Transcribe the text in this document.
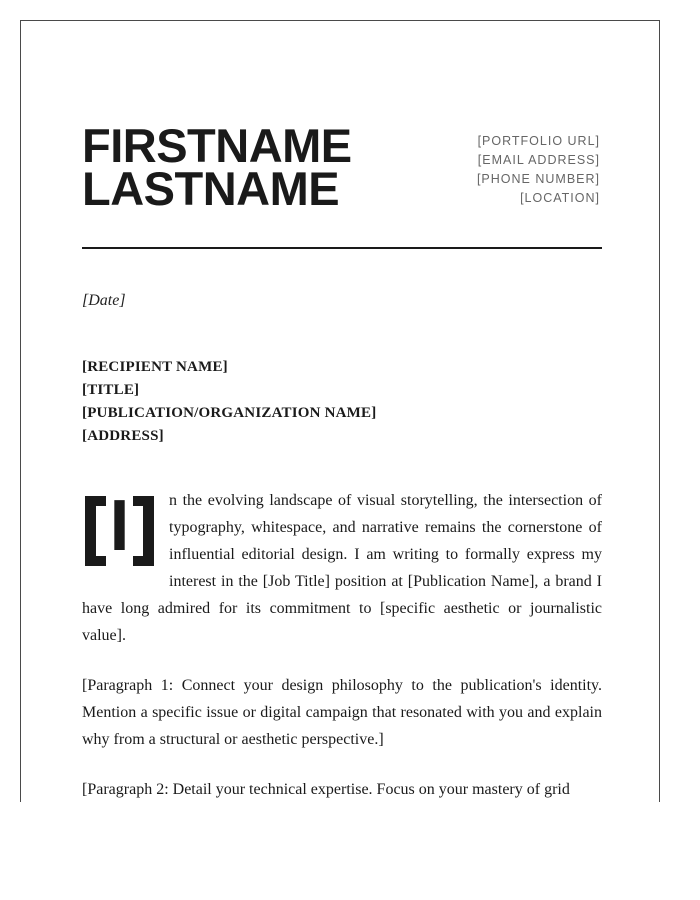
FIRSTNAME
LASTNAME
[PORTFOLIO URL]
[EMAIL ADDRESS]
[PHONE NUMBER]
[LOCATION]
[Date]
[RECIPIENT NAME]
[TITLE]
[PUBLICATION/ORGANIZATION NAME]
[ADDRESS]

I n the evolving landscape of visual storytelling, the intersection of typography, whitespace, and narrative remains the cornerstone of influential editorial design. I am writing to formally express my interest in the [Job Title] position at [Publication Name], a brand I have long admired for its commitment to [specific aesthetic or journalistic value].

[Paragraph 1: Connect your design philosophy to the publication's identity. Mention a specific issue or digital campaign that resonated with you and explain why from a structural or aesthetic perspective.]

[Paragraph 2: Detail your technical expertise. Focus on your mastery of grid
